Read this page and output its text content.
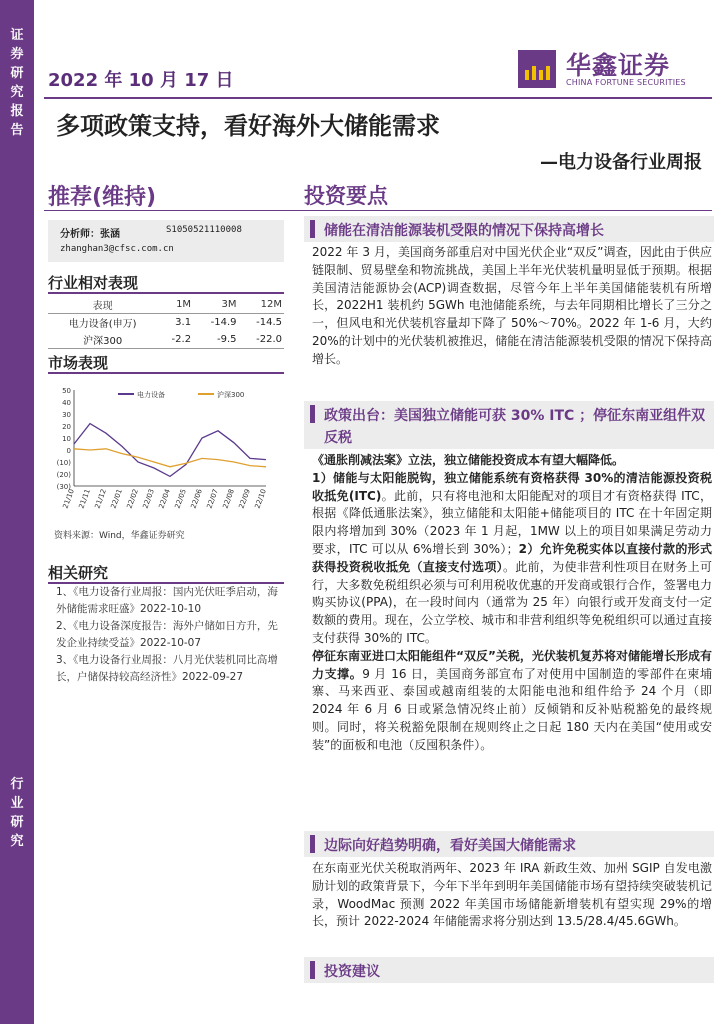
证
券
研
究
报
告
行
业
研
究
2022 年 10 月 17 日
华鑫证券
CHINA FORTUNE SECURITIES
多项政策支持，看好海外大储能需求
—电力设备行业周报
推荐(维持)	投资要点
分析师：张涵	S1050521110008
zhanghan3@cfsc.com.cn
行业相对表现
表现	1M	3M	12M
电力设备(申万)	3.1	-14.9	-14.5
沪深300	-2.2	-9.5	-22.0
市场表现
(30)
(20)
(10)
0
10
20
30
40
50
21/10 21/11 21/12 22/01 22/02 22/03 22/04 22/05 22/06 22/07 22/08 22/09 22/10
电力设备	沪深300
资料来源：Wind，华鑫证券研究
相关研究

1、《电力设备行业周报：国内光伏旺季启动，海外储能需求旺盛》2022-10-10

2、《电力设备深度报告：海外户储如日方升，先发企业持续受益》2022-10-07

3、《电力设备行业周报：八月光伏装机同比高增长，户储保持较高经济性》2022-09-27

储能在清洁能源装机受限的情况下保持高增长

2022 年 3 月，美国商务部重启对中国光伏企业“双反”调查，因此由于供应链限制、贸易壁垒和物流挑战，美国上半年光伏装机量明显低于预期。根据美国清洁能源协会(ACP)调查数据，尽管今年上半年美国储能装机有所增长，2022H1 装机约 5GWh 电池储能系统，与去年同期相比增长了三分之一，但风电和光伏装机容量却下降了 50%～70%。2022 年 1-6 月，大约 20%的计划中的光伏装机被推迟，储能在清洁能源装机受限的情况下保持高增长。

政策出台：美国独立储能可获 30% ITC ；停征东南亚组件双反税

《通胀削减法案》立法，独立储能投资成本有望大幅降低。

1）储能与太阳能脱钩，独立储能系统有资格获得 30%的清洁能源投资税收抵免(ITC)。此前，只有将电池和太阳能配对的项目才有资格获得 ITC，根据《降低通胀法案》，独立储能和太阳能+储能项目的 ITC 在十年固定期限内将增加到 30%（2023 年 1 月起，1MW 以上的项目如果满足劳动力要求，ITC 可以从 6%增长到 30%）；2）允许免税实体以直接付款的形式获得投资税收抵免（直接支付选项）。此前，为使非营利性项目在财务上可行，大多数免税组织必须与可利用税收优惠的开发商或银行合作，签署电力购买协议(PPA)，在一段时间内（通常为 25 年）向银行或开发商支付一定数额的费用。现在，公立学校、城市和非营利组织等免税组织可以通过直接支付获得 30%的 ITC。

停征东南亚进口太阳能组件“双反”关税，光伏装机复苏将对储能增长形成有力支撑。9 月 16 日，美国商务部宣布了对使用中国制造的零部件在柬埔寨、马来西亚、泰国或越南组装的太阳能电池和组件给予 24 个月（即 2024 年 6 月 6 日或紧急情况终止前）反倾销和反补贴税豁免的最终规则。同时，将关税豁免限制在规则终止之日起 180 天内在美国“使用或安装”的面板和电池（反囤积条件）。

边际向好趋势明确，看好美国大储能需求

在东南亚光伏关税取消两年、2023 年 IRA 新政生效、加州 SGIP 自发电激励计划的政策背景下，今年下半年到明年美国储能市场有望持续突破装机记录，WoodMac 预测 2022 年美国市场储能新增装机有望实现 29%的增长，预计 2022-2024 年储能需求将分别达到 13.5/28.4/45.6GWh。

投资建议
